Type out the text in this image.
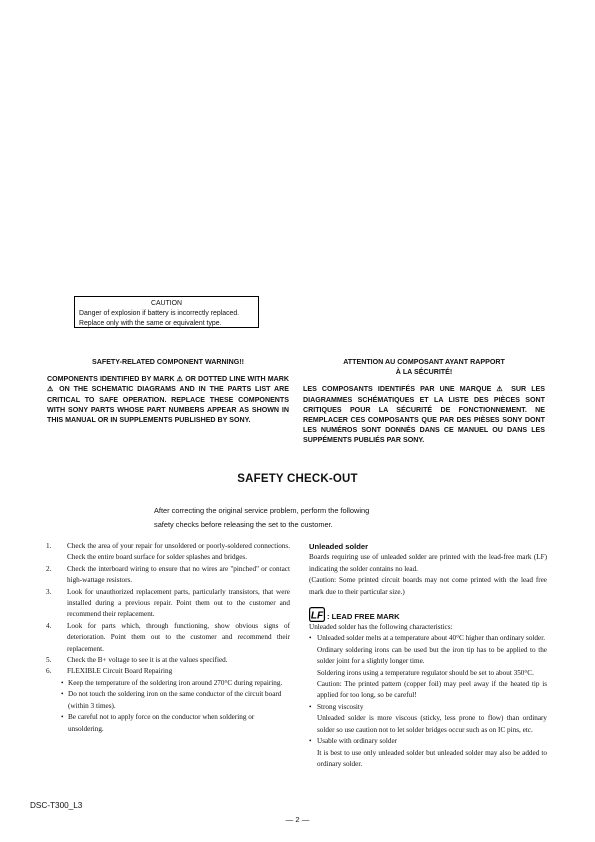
CAUTION
Danger of explosion if battery is incorrectly replaced.
Replace only with the same or equivalent type.
SAFETY-RELATED COMPONENT WARNING!!
COMPONENTS IDENTIFIED BY MARK ⚠ OR DOTTED LINE WITH MARK ⚠ ON THE SCHEMATIC DIAGRAMS AND IN THE PARTS LIST ARE CRITICAL TO SAFE OPERATION. REPLACE THESE COMPONENTS WITH SONY PARTS WHOSE PART NUMBERS APPEAR AS SHOWN IN THIS MANUAL OR IN SUPPLEMENTS PUBLISHED BY SONY.
ATTENTION AU COMPOSANT AYANT RAPPORT
À LA SÉCURITÉ!
LES COMPOSANTS IDENTIFÉS PAR UNE MARQUE ⚠ SUR LES DIAGRAMMES SCHÉMATIQUES ET LA LISTE DES PIÈCES SONT CRITIQUES POUR LA SÉCURITÉ DE FONCTIONNEMENT. NE REMPLACER CES COMPOSANTS QUE PAR DES PIÈSES SONY DONT LES NUMÉROS SONT DONNÉS DANS CE MANUEL OU DANS LES SUPPÉMENTS PUBLIÉS PAR SONY.
SAFETY CHECK-OUT
After correcting the original service problem, perform the following
safety checks before releasing the set to the customer.
1.	Check the area of your repair for unsoldered or poorly-soldered connections. Check the entire board surface for solder splashes and bridges.
2.	Check the interboard wiring to ensure that no wires are "pinched" or contact high-wattage resistors.
3.	Look for unauthorized replacement parts, particularly transistors, that were installed during a previous repair. Point them out to the customer and recommend their replacement.
4.	Look for parts which, through functioning, show obvious signs of deterioration. Point them out to the customer and recommend their replacement.
5.	Check the B+ voltage to see it is at the values specified.
6.	FLEXIBLE Circuit Board Repairing
• Keep the temperature of the soldering iron around 270°C during repairing.
• Do not touch the soldering iron on the same conductor of the circuit board (within 3 times).
• Be careful not to apply force on the conductor when soldering or unsoldering.
Unleaded solder
Boards requiring use of unleaded solder are printed with the lead-free mark (LF) indicating the solder contains no lead.
(Caution: Some printed circuit boards may not come printed with the lead free mark due to their particular size.)
LF : LEAD FREE MARK
Unleaded solder has the following characteristics:
• Unleaded solder melts at a temperature about 40°C higher than ordinary solder.
Ordinary soldering irons can be used but the iron tip has to be applied to the solder joint for a slightly longer time.
Soldering irons using a temperature regulator should be set to about 350°C.
Caution: The printed pattern (copper foil) may peel away if the heated tip is applied for too long, so be careful!
• Strong viscosity
Unleaded solder is more viscous (sticky, less prone to flow) than ordinary solder so use caution not to let solder bridges occur such as on IC pins, etc.
• Usable with ordinary solder
It is best to use only unleaded solder but unleaded solder may also be added to ordinary solder.
DSC-T300_L3
— 2 —
